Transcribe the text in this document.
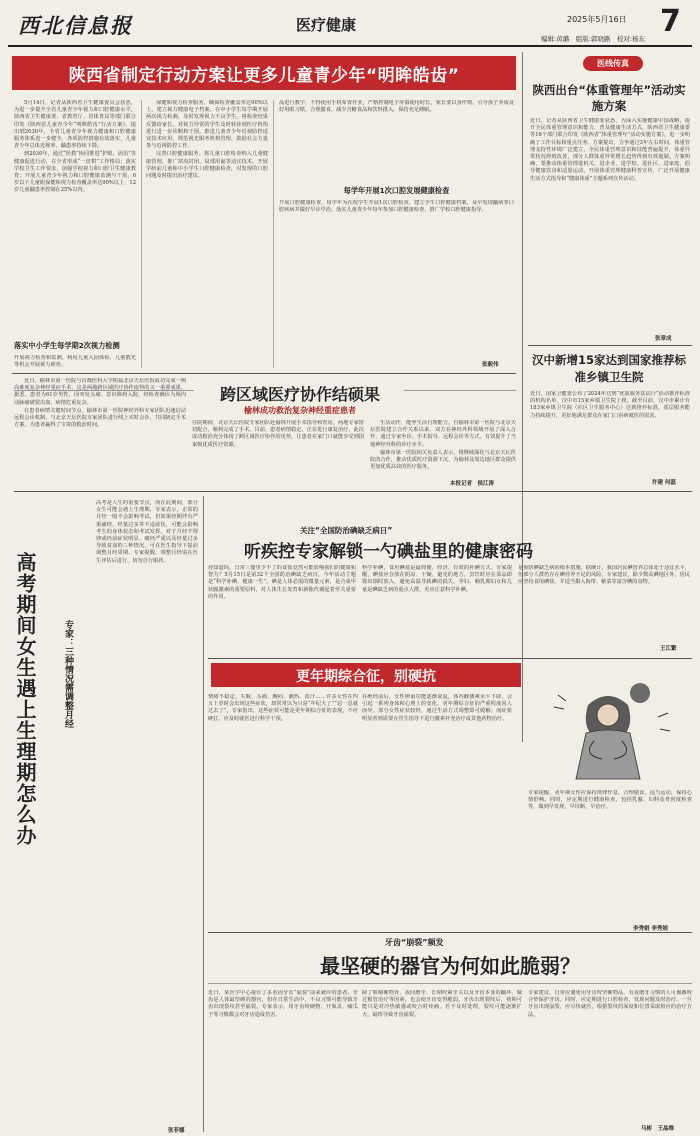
西北信息报	医疗健康	2025年5月16日 7
编辑:黄璐　组版:郭晓路　校对:杨东
陕西省制定行动方案让更多儿童青少年“明眸皓齿”

5月14日，记者从陕西省卫生健康委员会获悉，为进一步提升全省儿童青少年视力和口腔健康水平，陕西省卫生健康委、省教育厅、省体育局等部门联合印发《陕西省儿童青少年“明眸皓齿”行动方案》，提出到2030年，全省儿童青少年视力健康和口腔健康服务体系进一步健全，各项防控措施有效落实，儿童青少年总体近视率、龋患率持续下降。

到2030年，通过“医教”协同推进“护眼、固齿”等健康促进行动，在全省形成“一盘棋”工作格局；落实学校卫生工作要求，加强学校视力和口腔卫生健康教育；开展儿童青少年视力和口腔健康监测与干预，6岁以下儿童眼保健和视力检查覆盖率达90%以上，12岁儿童龋患率控制在25%以内。

落实中小学生每学期2次视力检测
开展视力检查和监测。利用儿童入园体检、儿童散光等机会开展视力筛查。

保健和视力检查服务，确保检查覆盖率达90%以上，建立视力健康电子档案。在中小学生每学期开展两次视力检测，及时发现视力不良学生，将检查结果反馈给家长。对视力异常的学生及时转诊到医疗机构进行进一步诊断和干预。推进儿童青少年近视防控适宜技术应用，规范视光服务机构管理，鼓励社会力量参与近视防控工作。

完善口腔健康服务。将儿童口腔检查纳入儿童健康管理，推广窝沟封闭、局部用氟等适宜技术，开展学龄前儿童和中小学生口腔健康检查，对发现的口腔问题及时提出治疗建议。

品进行教学，不得使用手机布置作业，严格控制电子屏幕使用时长，家长要以身作则，引导孩子养成良好用眼习惯，合理膳食，减少含糖食品和饮料摄入，保持充足睡眠。
每学年开展1次口腔发展健康检查
开展口腔健康检查。每学年为在校学生开展1次口腔检查，建立学生口腔健康档案，及早发现龋病等口腔疾病并做好早诊早治。落实儿童青少年每年参加口腔健康检查，推广学校口腔健康指导。
张毅伟
医线传真
陕西出台“体重管理年”活动实施方案
近日，记者从陕西省卫生健康委获悉，为深入实施健康中国战略，提升全民体重管理意识和能力，普及健康生活方式，陕西省卫生健康委等16个部门联合印发《陕西省“体重管理年”活动实施方案》，进一步明确了工作目标和重点任务。方案提出，力争通过3年左右时间，体重管理支持性环境广泛建立，全民体重管理意识和技能普遍提升，体重异常状况得到改善，部分人群体重异常增长趋势得到有效遏制。方案明确，要推动体重管理进机关、进企业、进学校、进社区、进家庭，倡导健康饮食和适量运动，开展体重管理健康科普宣传，广泛开展健康生活方式指导和“健康体重”主题系列宣传活动。
张章成
汉中新增15家达到国家推荐标准乡镇卫生院
近日，国家卫健委公布了2024年达到“优质服务基层行”活动推荐标准的机构名单，汉中市15家乡镇卫生院上榜。截至目前，汉中市累计有183家乡镇卫生院（社区卫生服务中心）达到推荐标准，基层服务能力持续提升，更好地满足群众在家门口看病就医的需求。
许建 何磊
跨区域医疗协作结硕果
榆林成功救治复杂神经重症患者

近日，榆林市第一医院与首都医科大学附属北京天坛医院成功完成一例高难度复杂神经重症手术，这是两地跨区域医疗协作取得的又一重要成果。据悉，患者为61岁男性，因突发头痛、意识障碍入院，经检查确诊为颅内动脉瘤破裂出血，病情危重复杂。

在患者病情关键时间节点，榆林市第一医院神经外科专家团队迅速启动远程会诊机制，与北京天坛医院专家团队进行线上实时会诊，共同制定手术方案，为患者赢得了宝贵的救治时间。	住院期间，北京天坛医院专家团队赴榆林开展手术指导和查房，两地专家密切配合，顺利完成了手术。目前，患者病情稳定，正在进行康复治疗。此次成功救治充分体现了跨区域医疗协作的优势，让患者在家门口就能享受到国家级优质医疗资源。

生活动作，能坐生活自理能力。自榆林市第一医院与北京天坛医院建立合作关系以来，双方在神经外科领域开展了深入合作，通过专家坐诊、手术指导、远程会诊等方式，有效提升了当地神经外科的诊疗水平。

榆林市第一医院相关负责人表示，将继续深化与北京天坛医院的合作，推动优质医疗资源下沉，为榆林及周边地区群众提供更加优质高效的医疗服务。

本报记者　侯江涛
高考期间女生遇上生理期怎么办	专家：三种情况需调整月经
高考是人生的重要节点，而在此期间，部分女生可能会遇上生理期。专家表示，正常的月经一般不会影响考试，但如果经期伴有严重痛经、经量过多等不适症状，可能会影响考生的身体状态和考试发挥。对于月经不规律或经前症状明显、痛经严重以及经量过多导致贫血的三种情况，可在医生指导下提前调整月经周期。专家提醒，调整月经需在医生评估后进行，切勿自行服药。
张菲娜
关注“全国防治碘缺乏病日”
听疾控专家解锁一勺碘盐里的健康密码
你知道吗，日常三餐里少不了的食盐竟然可能影响我们的健康和智力？5月15日是第32个全国防治碘缺乏病日，今年活动主题是“科学补碘，健康一生”。碘是人体必需的微量元素，是合成甲状腺激素的重要原料，对人体生长发育和新陈代谢起着至关重要的作用。
科学补碘，食用碘盐是最简便、经济、有效的补碘方式。专家提醒，碘盐应存放在阴凉、干燥、避光的地方，烹饪时应在菜品即将出锅时放入，避免高温导致碘的损失。孕妇、哺乳期妇女和儿童是碘缺乏病的重点人群，更应注意科学补碘。
是预防碘缺乏病的根本措施。据统计，我国居民碘营养总体处于适宜水平，但部分人群仍存在碘营养不足的风险。专家建议，除少数高碘地区外，居民应坚持食用碘盐，并适当摄入海带、紫菜等富含碘的食物。
王江繁
更年期综合征，别硬抗
情绪不稳定、失眠、头痛、胸闷、潮热、盗汗……许多女性在四五十岁时会出现这些症状，却常常以为只是“年纪大了”“忍一忍就过去了”。专家指出，这些症状可能是更年期综合征的表现，不应硬扛，应及时就医进行科学干预。
在绝经前后，女性卵巢功能逐渐衰退，体内雌激素水平下降，会引起一系列身体和心理上的变化。更年期综合征的严重程度因人而异，部分女性症状较轻，通过生活方式调整即可缓解；而症状明显者则需要在医生指导下进行激素补充治疗或其他药物治疗。
专家提醒，更年期女性应保持规律作息，合理膳食，适当运动，保持心情舒畅。同时，应定期进行健康检查，包括乳腺、妇科及骨密度检查等，做到早发现、早诊断、早治疗。
李秀娟 李秀娟
牙齿“崩裂”频发
最坚硬的器官为何如此脆弱？
近日，某医学中心接诊了多名因牙齿“崩裂”前来就诊的患者。牙齿是人体最坚硬的器官，但在日常生活中，不良习惯可能导致牙齿出现裂纹甚至崩裂。专家表示，用牙齿咬硬物、开瓶盖、嗑瓜子等习惯都会对牙齿造成伤害。
除了咀嚼硬物外，夜间磨牙、长期咬紧牙关以及牙齿本身的龋坏、做过根管治疗等因素，也会使牙齿变得脆弱。牙齿出现裂纹后，初期可能只是对冷热敏感或咬合时疼痛，若不及时处理，裂纹可能逐渐扩大，最终导致牙齿崩裂。
专家建议，日常应避免用牙齿咬坚硬物品，有夜磨牙习惯的人可佩戴咬合垫保护牙齿。同时，应定期进行口腔检查，发现问题及时治疗。一旦牙齿出现崩裂，应尽快就医，根据裂纹的深度和位置采取相应的治疗方法。
马彬　王晶维
